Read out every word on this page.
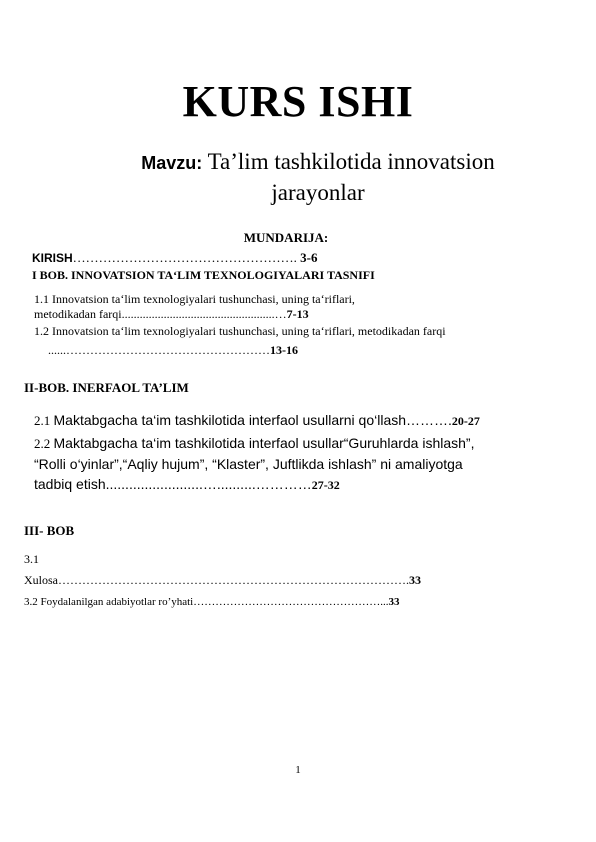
KURS ISHI
Mavzu: Ta’lim tashkilotida innovatsion
jarayonlar
MUNDARIJA:
KIRISH……………………………………………. 3-6
I BOB. INNOVATSION TA‘LIM TEXNOLOGIYALARI TASNIFI
1.1 Innovatsion ta‘lim texnologiyalari tushunchasi, uning ta‘riflari,
metodikadan farqi...................................................…7-13
1.2 Innovatsion ta‘lim texnologiyalari tushunchasi, uning ta‘riflari, metodikadan farqi
......……………………………………………13-16
II-BOB. INERFAOL TA’LIM
2.1 Maktabgacha ta‘im tashkilotida interfaol usullarni qo‘llash……….20-27
2.2 Maktabgacha ta‘im tashkilotida interfaol usullar“Guruhlarda ishlash”,
“Rolli o‘yinlar”,“Aqliy hujum”, “Klaster”, Juftlikda ishlash” ni amaliyotga
tadbiq etish.........................…..........…………27-32
III- BOB
3.1
Xulosa…………………………………………………………………………….33
3.2 Foydalanilgan adabiyotlar ro’yhati……………………………………………...33
1
